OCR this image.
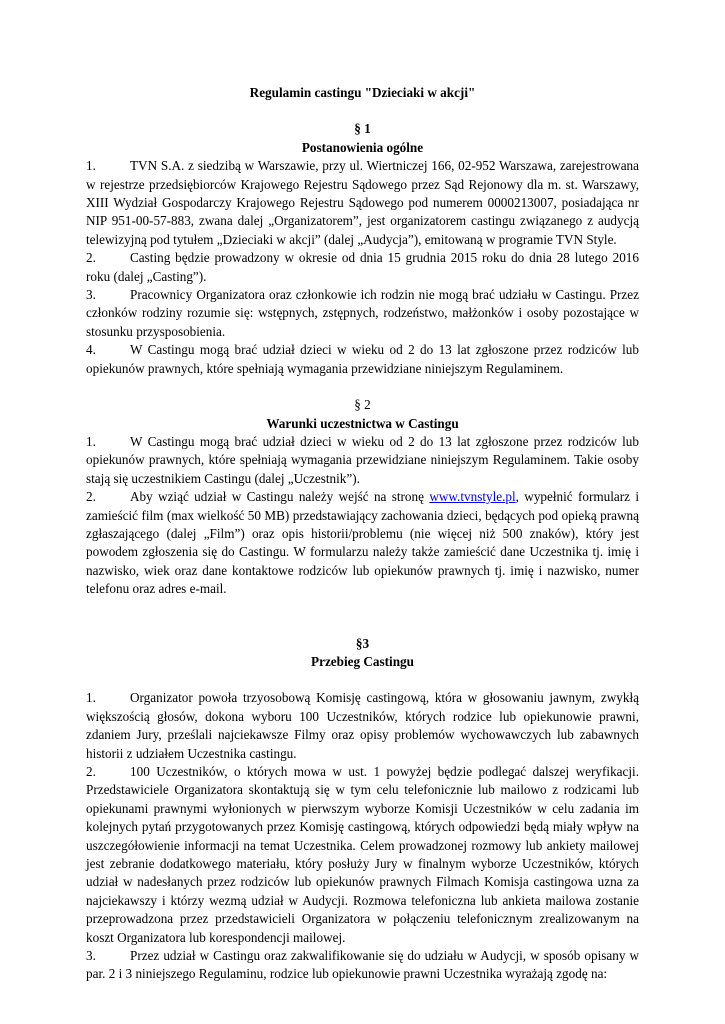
Regulamin castingu "Dzieciaki w akcji"

§ 1

Postanowienia ogólne

1.	TVN S.A. z siedzibą w Warszawie, przy ul. Wiertniczej 166, 02-952 Warszawa, zarejestrowana w rejestrze przedsiębiorców Krajowego Rejestru Sądowego przez Sąd Rejonowy dla m. st. Warszawy, XIII Wydział Gospodarczy Krajowego Rejestru Sądowego pod numerem 0000213007, posiadająca nr NIP 951-00-57-883, zwana dalej „Organizatorem”, jest organizatorem castingu związanego z audycją telewizyjną pod tytułem „Dzieciaki w akcji” (dalej „Audycja”), emitowaną w programie TVN Style.

2.	Casting będzie prowadzony w okresie od dnia 15 grudnia 2015 roku do dnia 28 lutego 2016 roku (dalej „Casting”).

3.	Pracownicy Organizatora oraz członkowie ich rodzin nie mogą brać udziału w Castingu. Przez członków rodziny rozumie się: wstępnych, zstępnych, rodzeństwo, małżonków i osoby pozostające w stosunku przysposobienia.

4.	W Castingu mogą brać udział dzieci w wieku od 2 do 13 lat zgłoszone przez rodziców lub opiekunów prawnych, które spełniają wymagania przewidziane niniejszym Regulaminem.

§ 2

Warunki uczestnictwa w Castingu

1.	W Castingu mogą brać udział dzieci w wieku od 2 do 13 lat zgłoszone przez rodziców lub opiekunów prawnych, które spełniają wymagania przewidziane niniejszym Regulaminem. Takie osoby stają się uczestnikiem Castingu (dalej „Uczestnik”).

2.	Aby wziąć udział w Castingu należy wejść na stronę www.tvnstyle.pl, wypełnić formularz i zamieścić film (max wielkość 50 MB) przedstawiający zachowania dzieci, będących pod opieką prawną zgłaszającego (dalej „Film”) oraz opis historii/problemu (nie więcej niż 500 znaków), który jest powodem zgłoszenia się do Castingu. W formularzu należy także zamieścić dane Uczestnika tj. imię i nazwisko, wiek oraz dane kontaktowe rodziców lub opiekunów prawnych tj. imię i nazwisko, numer telefonu oraz adres e-mail.

§3

Przebieg Castingu

1.	Organizator powoła trzyosobową Komisję castingową, która w głosowaniu jawnym, zwykłą większością głosów, dokona wyboru 100 Uczestników, których rodzice lub opiekunowie prawni, zdaniem Jury, prześlali najciekawsze Filmy oraz opisy problemów wychowawczych lub zabawnych historii z udziałem Uczestnika castingu.

2.	100 Uczestników, o których mowa w ust. 1 powyżej będzie podlegać dalszej weryfikacji. Przedstawiciele Organizatora skontaktują się w tym celu telefonicznie lub mailowo z rodzicami lub opiekunami prawnymi wyłonionych w pierwszym wyborze Komisji Uczestników w celu zadania im kolejnych pytań przygotowanych przez Komisję castingową, których odpowiedzi będą miały wpływ na uszczegółowienie informacji na temat Uczestnika. Celem prowadzonej rozmowy lub ankiety mailowej jest zebranie dodatkowego materiału, który posłuży Jury w finalnym wyborze Uczestników, których udział w nadesłanych przez rodziców lub opiekunów prawnych Filmach Komisja castingowa uzna za najciekawszy i którzy wezmą udział w Audycji. Rozmowa telefoniczna lub ankieta mailowa zostanie przeprowadzona przez przedstawicieli Organizatora w połączeniu telefonicznym zrealizowanym na koszt Organizatora lub korespondencji mailowej.

3.	Przez udział w Castingu oraz zakwalifikowanie się do udziału w Audycji, w sposób opisany w par. 2 i 3 niniejszego Regulaminu, rodzice lub opiekunowie prawni Uczestnika wyrażają zgodę na:
